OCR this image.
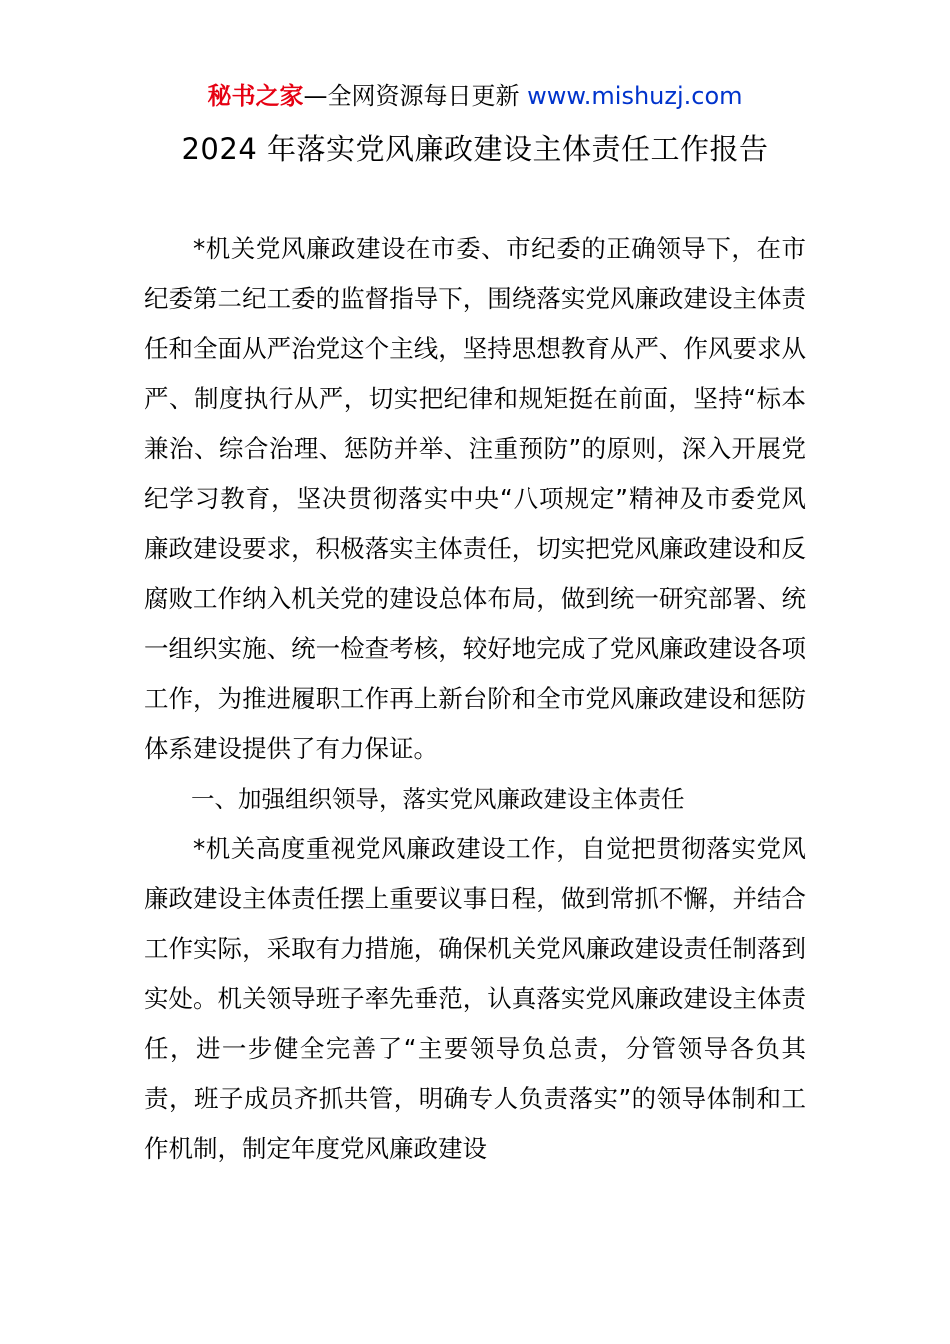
秘书之家—全网资源每日更新 www.mishuzj.com
2024 年落实党风廉政建设主体责任工作报告

*机关党风廉政建设在市委、市纪委的正确领导下，在市纪委第二纪工委的监督指导下，围绕落实党风廉政建设主体责任和全面从严治党这个主线，坚持思想教育从严、作风要求从严、制度执行从严，切实把纪律和规矩挺在前面，坚持“标本兼治、综合治理、惩防并举、注重预防”的原则，深入开展党纪学习教育，坚决贯彻落实中央“八项规定”精神及市委党风廉政建设要求，积极落实主体责任，切实把党风廉政建设和反腐败工作纳入机关党的建设总体布局，做到统一研究部署、统一组织实施、统一检查考核，较好地完成了党风廉政建设各项工作，为推进履职工作再上新台阶和全市党风廉政建设和惩防体系建设提供了有力保证。

一、加强组织领导，落实党风廉政建设主体责任

*机关高度重视党风廉政建设工作，自觉把贯彻落实党风廉政建设主体责任摆上重要议事日程，做到常抓不懈，并结合工作实际，采取有力措施，确保机关党风廉政建设责任制落到实处。机关领导班子率先垂范，认真落实党风廉政建设主体责任，进一步健全完善了“主要领导负总责，分管领导各负其责，班子成员齐抓共管，明确专人负责落实”的领导体制和工作机制，制定年度党风廉政建设
